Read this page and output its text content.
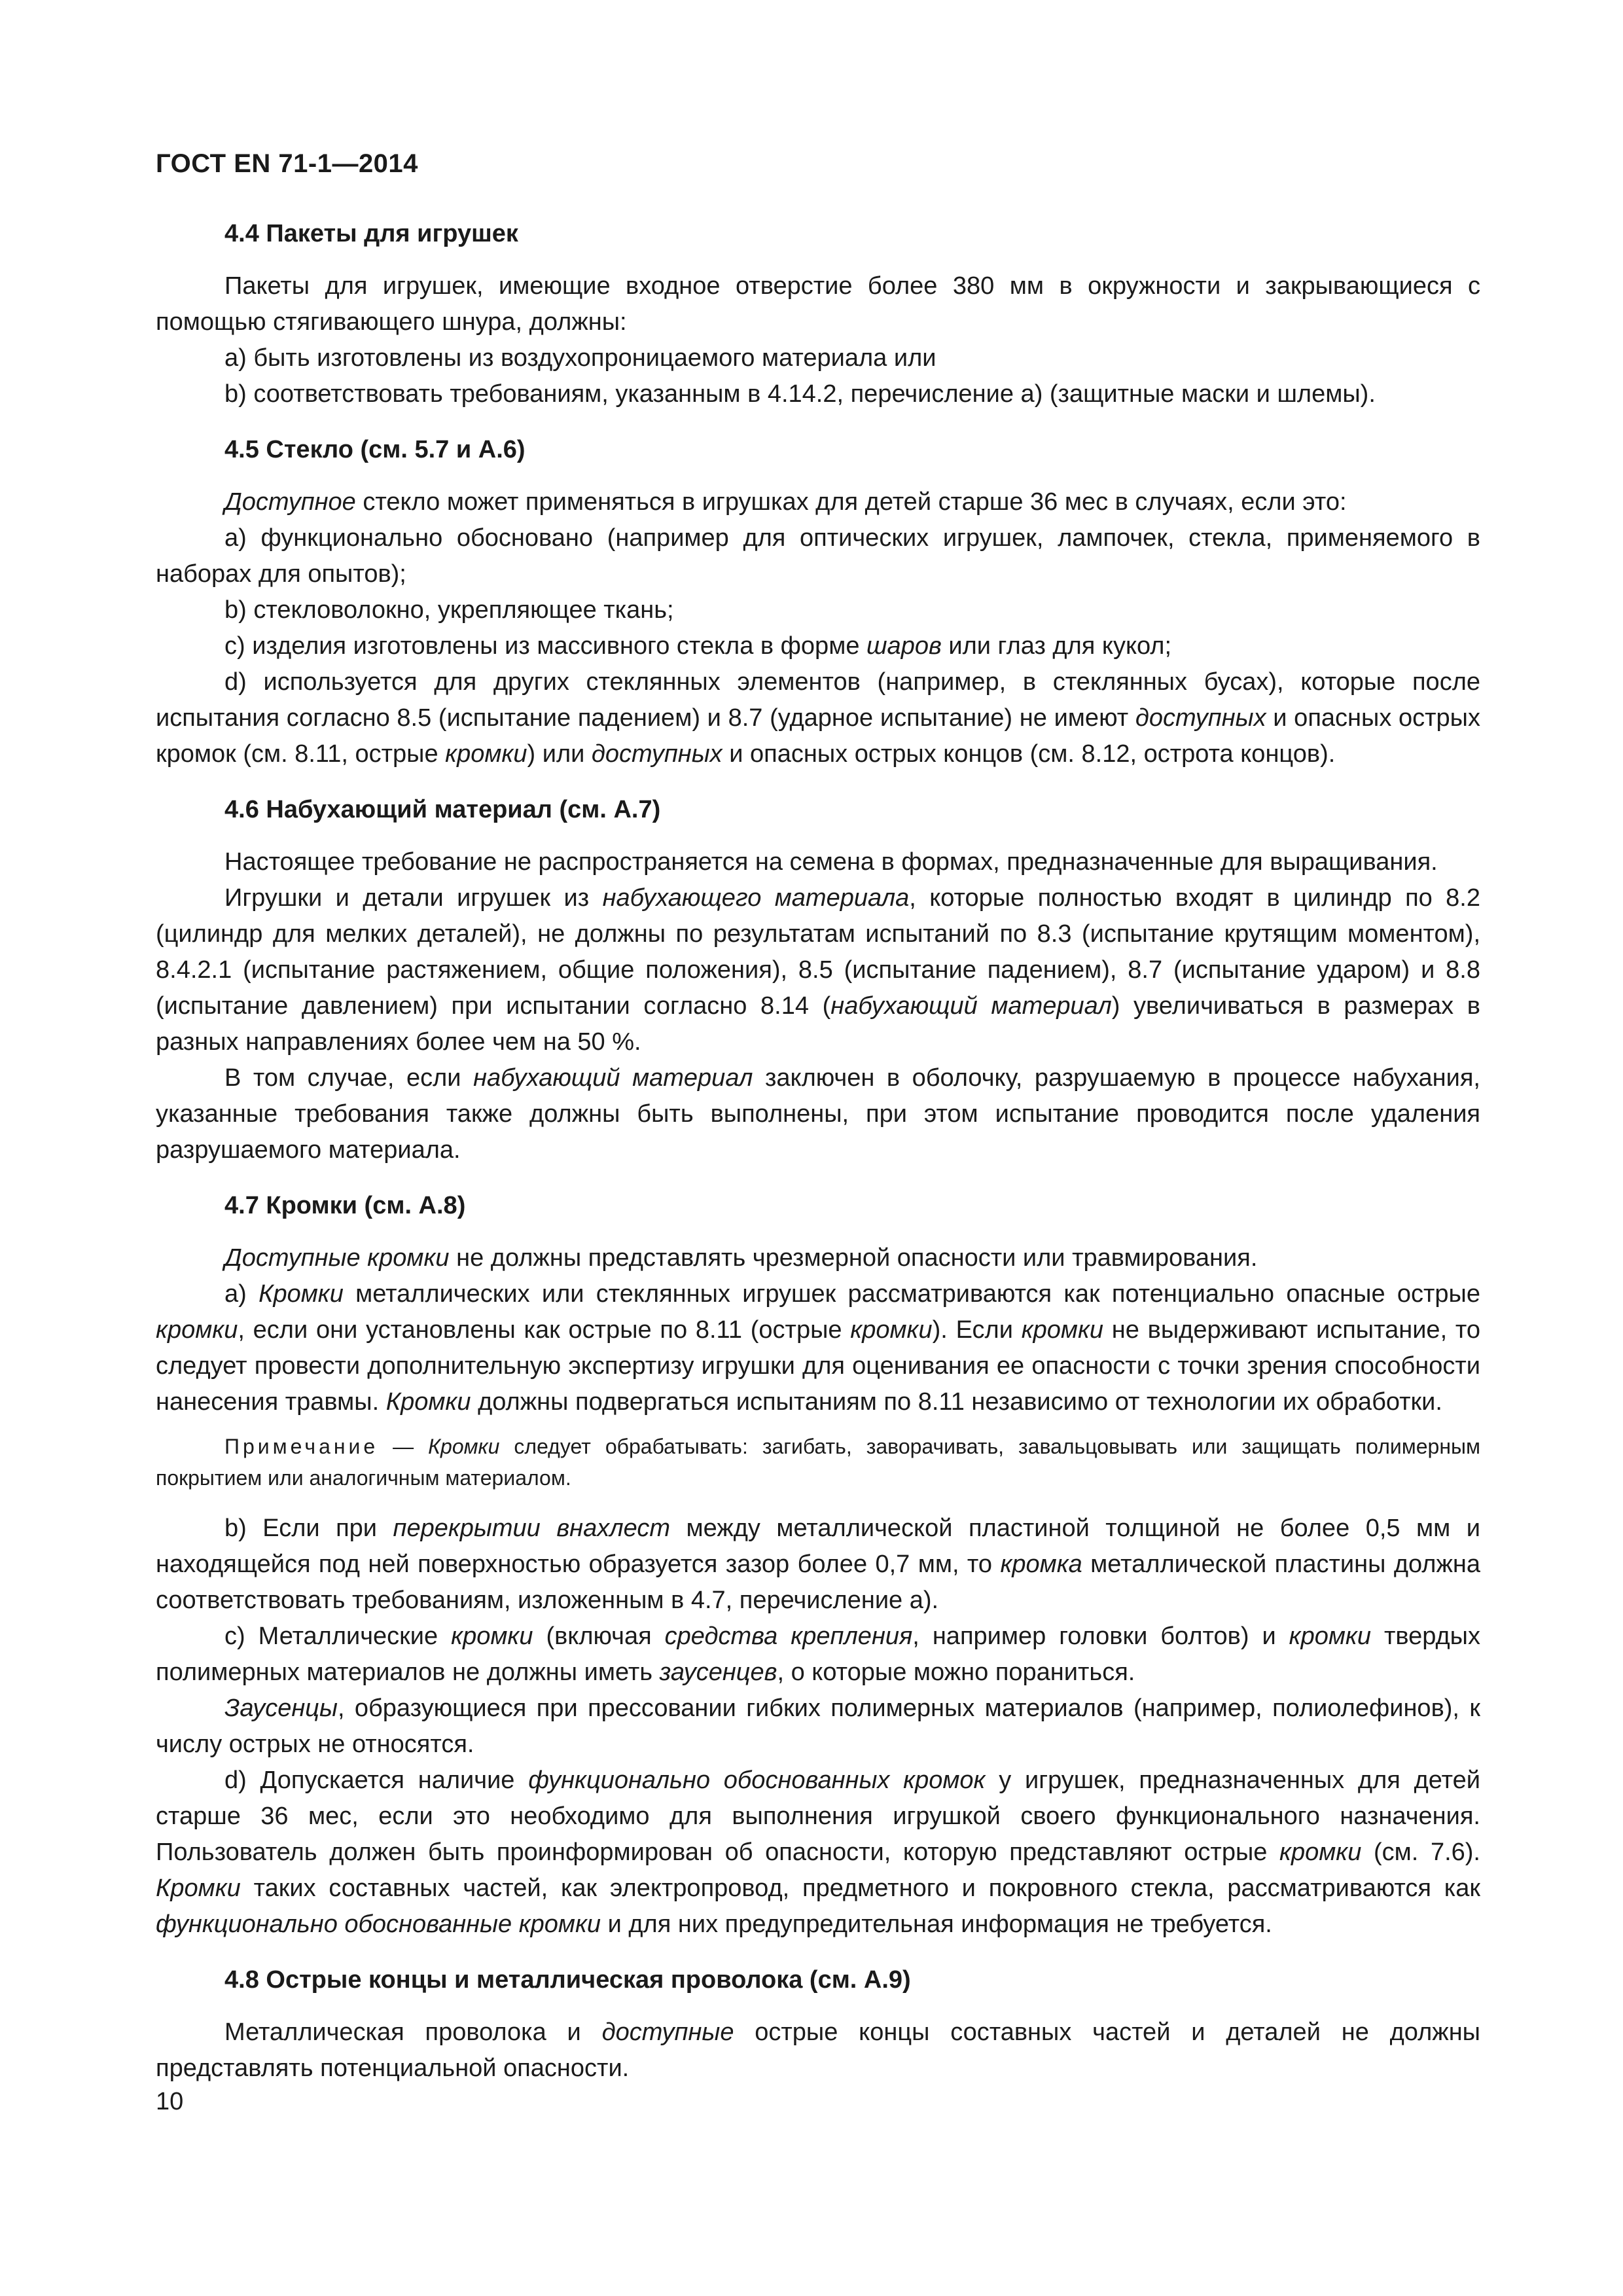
ГОСТ EN 71-1—2014
4.4 Пакеты для игрушек

Пакеты для игрушек, имеющие входное отверстие более 380 мм в окружности и закрывающиеся с помощью стягивающего шнура, должны:

а) быть изготовлены из воздухопроницаемого материала или

b) соответствовать требованиям, указанным в 4.14.2, перечисление а) (защитные маски и шлемы).

4.5 Стекло (см. 5.7 и А.6)

Доступное стекло может применяться в игрушках для детей старше 36 мес в случаях, если это:

а) функционально обосновано (например для оптических игрушек, лампочек, стекла, применяемого в наборах для опытов);

b) стекловолокно, укрепляющее ткань;

с) изделия изготовлены из массивного стекла в форме шаров или глаз для кукол;

d) используется для других стеклянных элементов (например, в стеклянных бусах), которые после испытания согласно 8.5 (испытание падением) и 8.7 (ударное испытание) не имеют доступных и опасных острых кромок (см. 8.11, острые кромки) или доступных и опасных острых концов (см. 8.12, острота концов).

4.6 Набухающий материал (см. А.7)

Настоящее требование не распространяется на семена в формах, предназначенные для выращивания.

Игрушки и детали игрушек из набухающего материала, которые полностью входят в цилиндр по 8.2 (цилиндр для мелких деталей), не должны по результатам испытаний по 8.3 (испытание крутящим моментом), 8.4.2.1 (испытание растяжением, общие положения), 8.5 (испытание падением), 8.7 (испытание ударом) и 8.8 (испытание давлением) при испытании согласно 8.14 (набухающий материал) увеличиваться в размерах в разных направлениях более чем на 50 %.

В том случае, если набухающий материал заключен в оболочку, разрушаемую в процессе набухания, указанные требования также должны быть выполнены, при этом испытание проводится после удаления разрушаемого материала.

4.7 Кромки (см. А.8)

Доступные кромки не должны представлять чрезмерной опасности или травмирования.

а) Кромки металлических или стеклянных игрушек рассматриваются как потенциально опасные острые кромки, если они установлены как острые по 8.11 (острые кромки). Если кромки не выдерживают испытание, то следует провести дополнительную экспертизу игрушки для оценивания ее опасности с точки зрения способности нанесения травмы. Кромки должны подвергаться испытаниям по 8.11 независимо от технологии их обработки.

Примечание — Кромки следует обрабатывать: загибать, заворачивать, завальцовывать или защищать полимерным покрытием или аналогичным материалом.

b) Если при перекрытии внахлест между металлической пластиной толщиной не более 0,5 мм и находящейся под ней поверхностью образуется зазор более 0,7 мм, то кромка металлической пластины должна соответствовать требованиям, изложенным в 4.7, перечисление а).

с) Металлические кромки (включая средства крепления, например головки болтов) и кромки твердых полимерных материалов не должны иметь заусенцев, о которые можно пораниться.

Заусенцы, образующиеся при прессовании гибких полимерных материалов (например, полиолефинов), к числу острых не относятся.

d) Допускается наличие функционально обоснованных кромок у игрушек, предназначенных для детей старше 36 мес, если это необходимо для выполнения игрушкой своего функционального назначения. Пользователь должен быть проинформирован об опасности, которую представляют острые кромки (см. 7.6). Кромки таких составных частей, как электропровод, предметного и покровного стекла, рассматриваются как функционально обоснованные кромки и для них предупредительная информация не требуется.

4.8 Острые концы и металлическая проволока (см. А.9)

Металлическая проволока и доступные острые концы составных частей и деталей не должны представлять потенциальной опасности.

10
